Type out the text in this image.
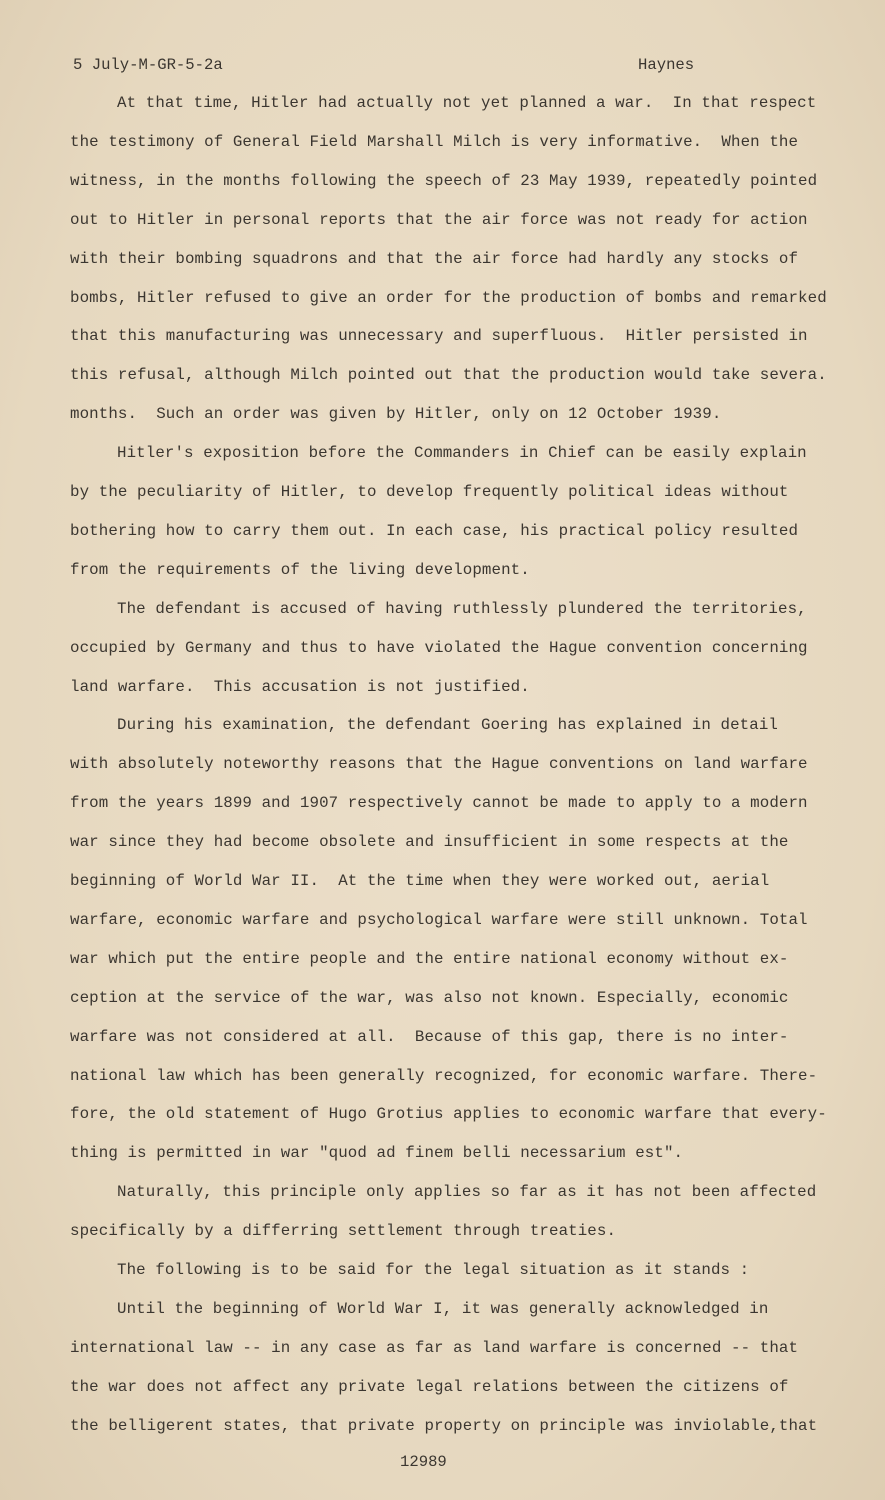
5 July-M-GR-5-2a	Haynes
At that time, Hitler had actually not yet planned a war.  In that respect
the testimony of General Field Marshall Milch is very informative.  When the
witness, in the months following the speech of 23 May 1939, repeatedly pointed
out to Hitler in personal reports that the air force was not ready for action
with their bombing squadrons and that the air force had hardly any stocks of
bombs, Hitler refused to give an order for the production of bombs and remarked
that this manufacturing was unnecessary and superfluous.  Hitler persisted in
this refusal, although Milch pointed out that the production would take severa.
months.  Such an order was given by Hitler, only on 12 October 1939.
Hitler's exposition before the Commanders in Chief can be easily explain
by the peculiarity of Hitler, to develop frequently political ideas without
bothering how to carry them out. In each case, his practical policy resulted
from the requirements of the living development.
The defendant is accused of having ruthlessly plundered the territories,
occupied by Germany and thus to have violated the Hague convention concerning
land warfare.  This accusation is not justified.
During his examination, the defendant Goering has explained in detail
with absolutely noteworthy reasons that the Hague conventions on land warfare
from the years 1899 and 1907 respectively cannot be made to apply to a modern
war since they had become obsolete and insufficient in some respects at the
beginning of World War II.  At the time when they were worked out, aerial
warfare, economic warfare and psychological warfare were still unknown. Total
war which put the entire people and the entire national economy without ex-
ception at the service of the war, was also not known. Especially, economic
warfare was not considered at all.  Because of this gap, there is no inter-
national law which has been generally recognized, for economic warfare. There-
fore, the old statement of Hugo Grotius applies to economic warfare that every-
thing is permitted in war "quod ad finem belli necessarium est".
Naturally, this principle only applies so far as it has not been affected
specifically by a differring settlement through treaties.
The following is to be said for the legal situation as it stands :
Until the beginning of World War I, it was generally acknowledged in
international law -- in any case as far as land warfare is concerned -- that
the war does not affect any private legal relations between the citizens of
the belligerent states, that private property on principle was inviolable,that
12989
